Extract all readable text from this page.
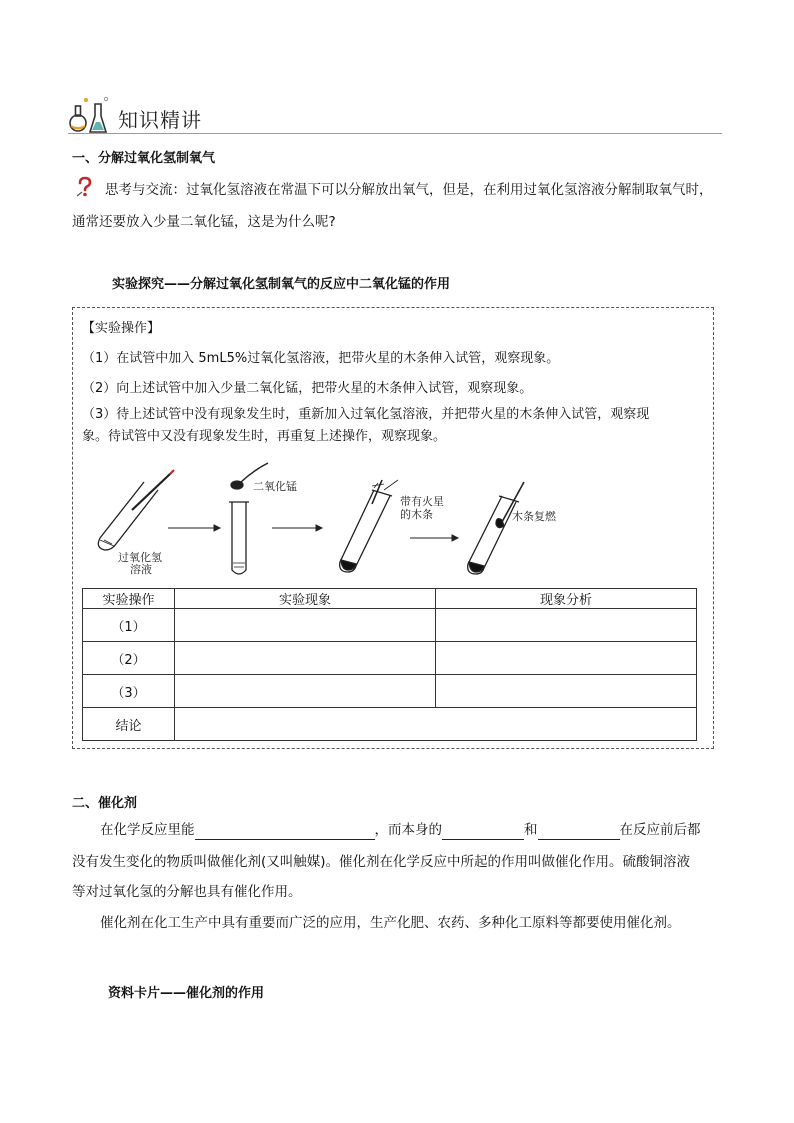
知识精讲
一、分解过氧化氢制氧气
思考与交流：过氧化氢溶液在常温下可以分解放出氧气，但是，在利用过氧化氢溶液分解制取氧气时，
通常还要放入少量二氧化锰，这是为什么呢?
实验探究——分解过氧化氢制氧气的反应中二氧化锰的作用
【实验操作】
（1）在试管中加入 5mL5%过氧化氢溶液，把带火星的木条伸入试管，观察现象。
（2）向上述试管中加入少量二氧化锰，把带火星的木条伸入试管，观察现象。
（3）待上述试管中没有现象发生时，重新加入过氧化氢溶液，并把带火星的木条伸入试管，观察现
象。待试管中又没有现象发生时，再重复上述操作，观察现象。
过氧化氢
溶液
二氧化锰
带有火星
的木条	木条复燃
实验操作	实验现象	现象分析
（1）		
（2）		
（3）		
结论		
二、催化剂
在化学反应里能	，而本身的	和	在反应前后都
没有发生变化的物质叫做催化剂(又叫触媒)。催化剂在化学反应中所起的作用叫做催化作用。硫酸铜溶液
等对过氧化氢的分解也具有催化作用。
催化剂在化工生产中具有重要而广泛的应用，生产化肥、农药、多种化工原料等都要使用催化剂。
资料卡片——催化剂的作用
